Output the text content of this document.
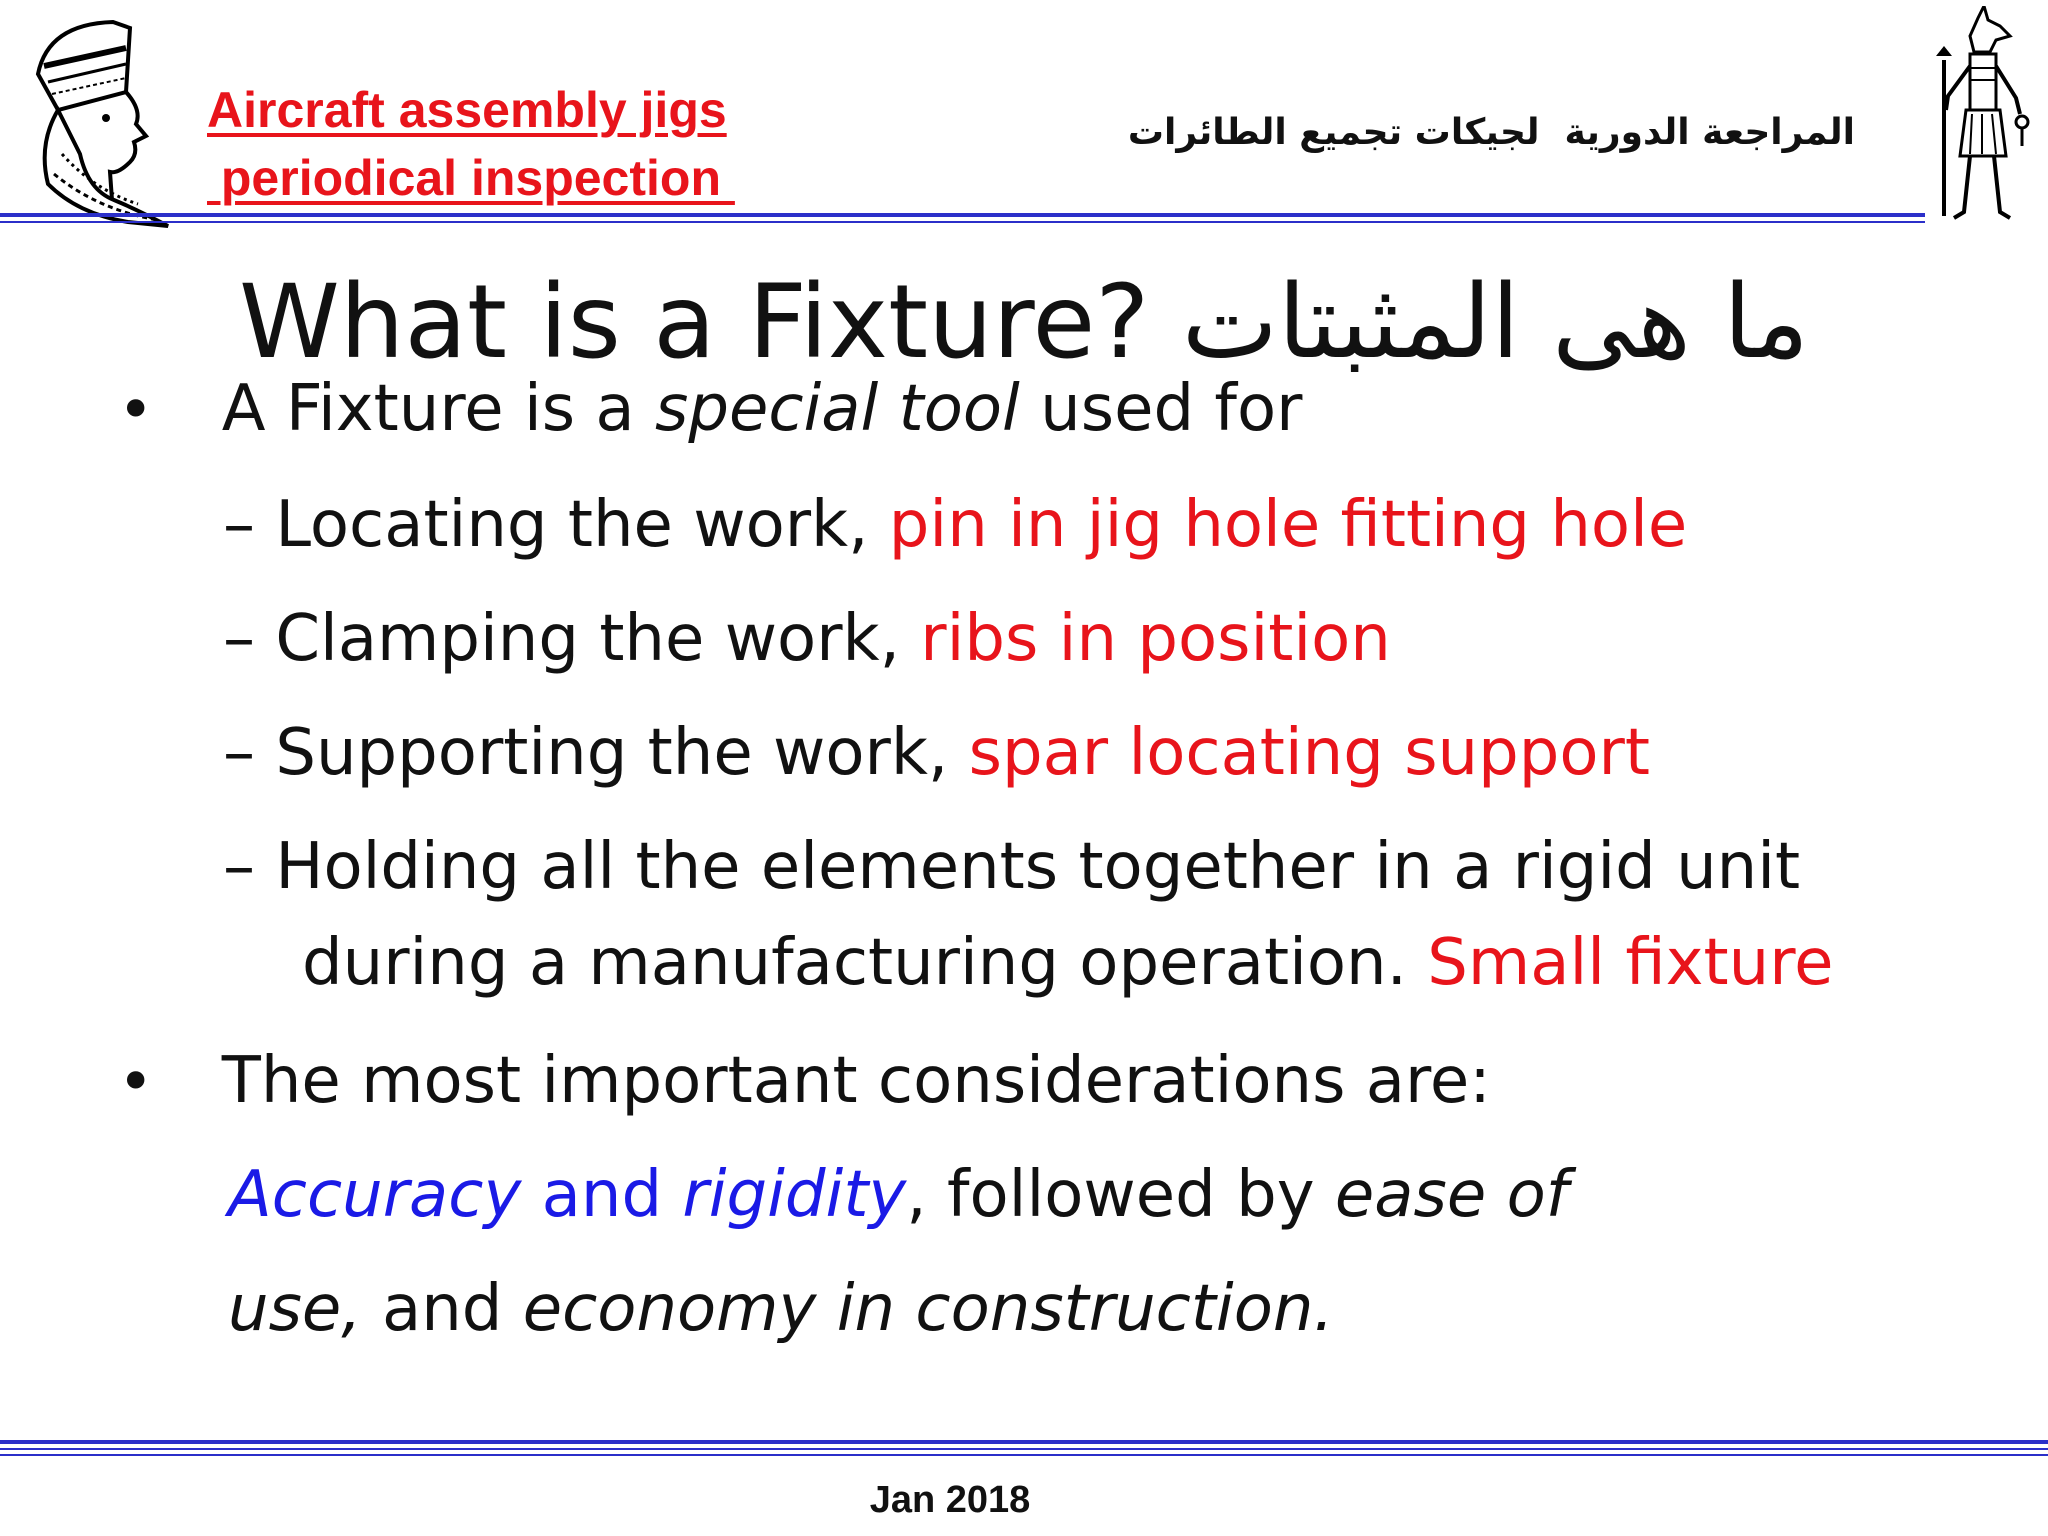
Aircraft assembly jigs
periodical inspection
المراجعة الدورية  لجيكات تجميع الطائرات
What is a Fixture? ما هى المثبتات
• A Fixture is a special tool used for
– Locating the work, pin in jig hole fitting hole
– Clamping the work, ribs in position
– Supporting the work, spar locating support
– Holding all the elements together in a rigid unit
during a manufacturing operation. Small fixture
• The most important considerations are:
Accuracy and rigidity, followed by ease of
use, and economy in construction.
Jan 2018
